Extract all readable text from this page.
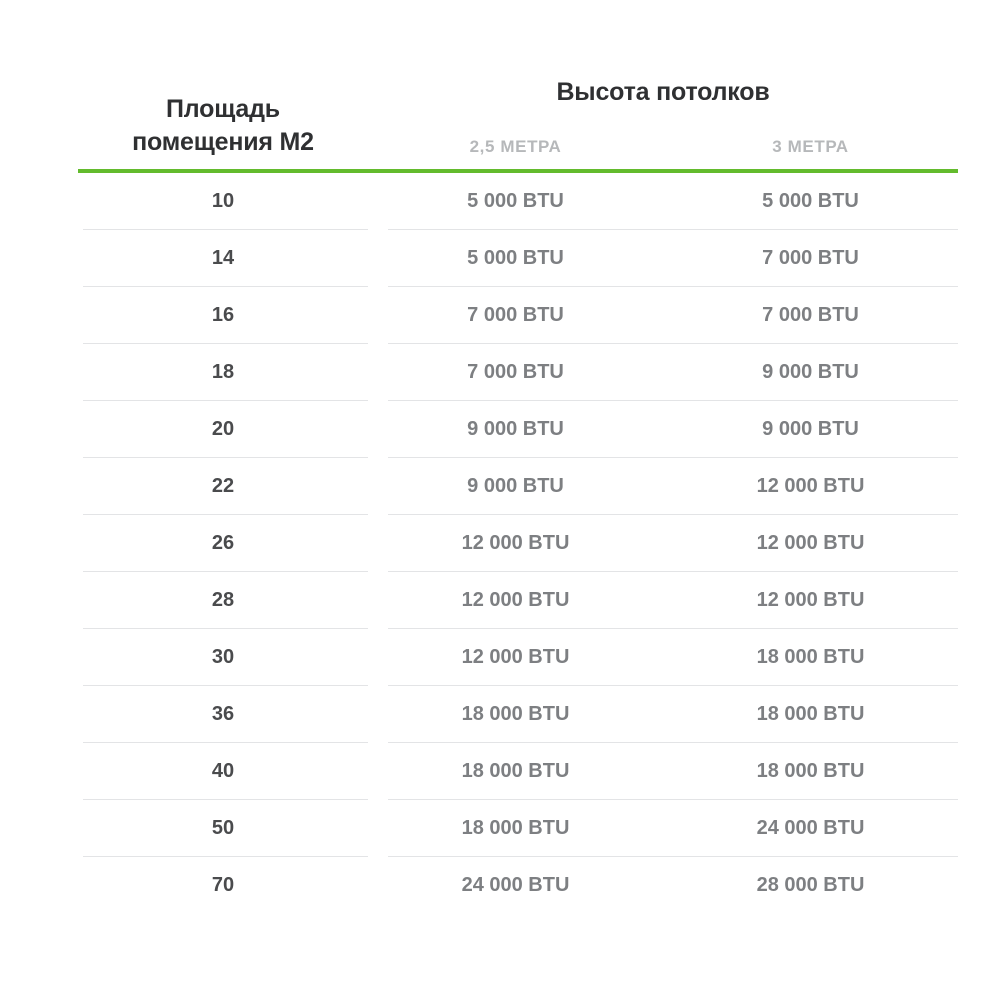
Площадь
помещения М2
Высота потолков
2,5 МЕТРА	3 МЕТРА
10	5 000 BTU	5 000 BTU
14	5 000 BTU	7 000 BTU
16	7 000 BTU	7 000 BTU
18	7 000 BTU	9 000 BTU
20	9 000 BTU	9 000 BTU
22	9 000 BTU	12 000 BTU
26	12 000 BTU	12 000 BTU
28	12 000 BTU	12 000 BTU
30	12 000 BTU	18 000 BTU
36	18 000 BTU	18 000 BTU
40	18 000 BTU	18 000 BTU
50	18 000 BTU	24 000 BTU
70	24 000 BTU	28 000 BTU
